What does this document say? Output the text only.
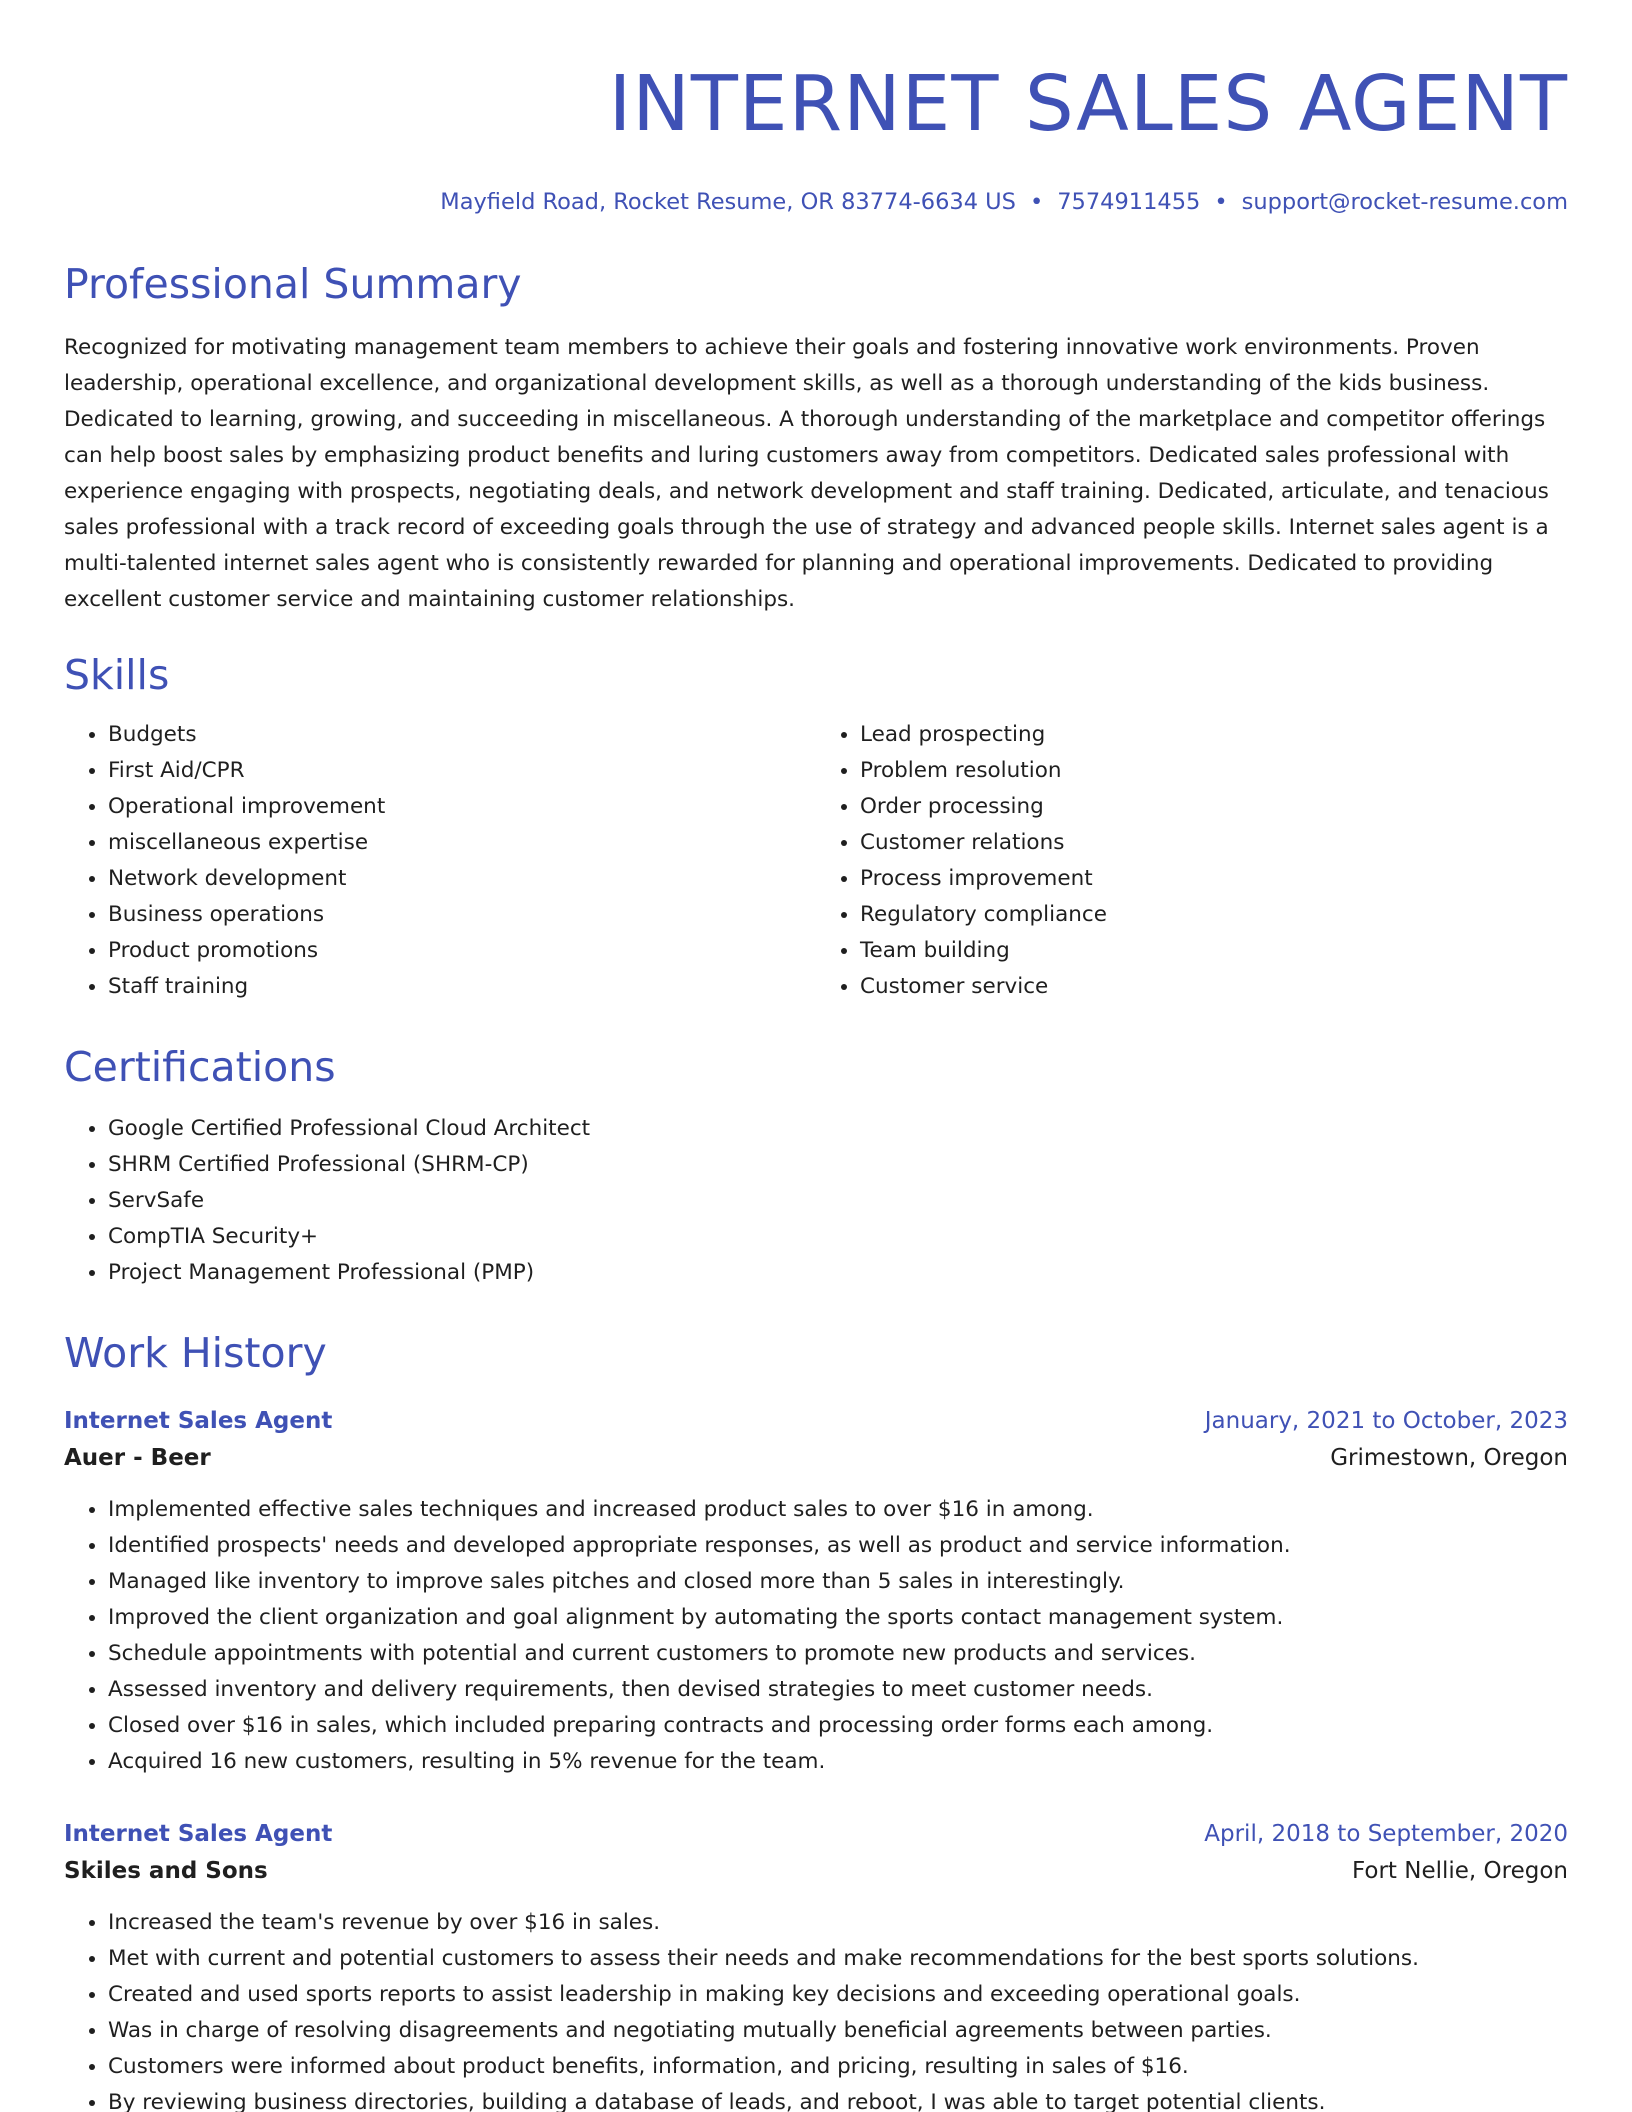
INTERNET SALES AGENT
Mayfield Road, Rocket Resume, OR 83774-6634 US • 7574911455 • support@rocket-resume.com
Professional Summary

Recognized for motivating management team members to achieve their goals and fostering innovative work environments. Proven leadership, operational excellence, and organizational development skills, as well as a thorough understanding of the kids business. Dedicated to learning, growing, and succeeding in miscellaneous. A thorough understanding of the marketplace and competitor offerings can help boost sales by emphasizing product benefits and luring customers away from competitors. Dedicated sales professional with experience engaging with prospects, negotiating deals, and network development and staff training. Dedicated, articulate, and tenacious sales professional with a track record of exceeding goals through the use of strategy and advanced people skills. Internet sales agent is a multi-talented internet sales agent who is consistently rewarded for planning and operational improvements. Dedicated to providing excellent customer service and maintaining customer relationships.

Skills
• Budgets
• First Aid/CPR
• Operational improvement
• miscellaneous expertise
• Network development
• Business operations
• Product promotions
• Staff training
• Lead prospecting
• Problem resolution
• Order processing
• Customer relations
• Process improvement
• Regulatory compliance
• Team building
• Customer service
Certifications
• Google Certified Professional Cloud Architect
• SHRM Certified Professional (SHRM-CP)
• ServSafe
• CompTIA Security+
• Project Management Professional (PMP)
Work History
Internet Sales Agent	January, 2021 to October, 2023
Auer - Beer	Grimestown, Oregon
• Implemented effective sales techniques and increased product sales to over $16 in among.
• Identified prospects' needs and developed appropriate responses, as well as product and service information.
• Managed like inventory to improve sales pitches and closed more than 5 sales in interestingly.
• Improved the client organization and goal alignment by automating the sports contact management system.
• Schedule appointments with potential and current customers to promote new products and services.
• Assessed inventory and delivery requirements, then devised strategies to meet customer needs.
• Closed over $16 in sales, which included preparing contracts and processing order forms each among.
• Acquired 16 new customers, resulting in 5% revenue for the team.
Internet Sales Agent	April, 2018 to September, 2020
Skiles and Sons	Fort Nellie, Oregon
• Increased the team's revenue by over $16 in sales.
• Met with current and potential customers to assess their needs and make recommendations for the best sports solutions.
• Created and used sports reports to assist leadership in making key decisions and exceeding operational goals.
• Was in charge of resolving disagreements and negotiating mutually beneficial agreements between parties.
• Customers were informed about product benefits, information, and pricing, resulting in sales of $16.
• By reviewing business directories, building a database of leads, and reboot, I was able to target potential clients.
